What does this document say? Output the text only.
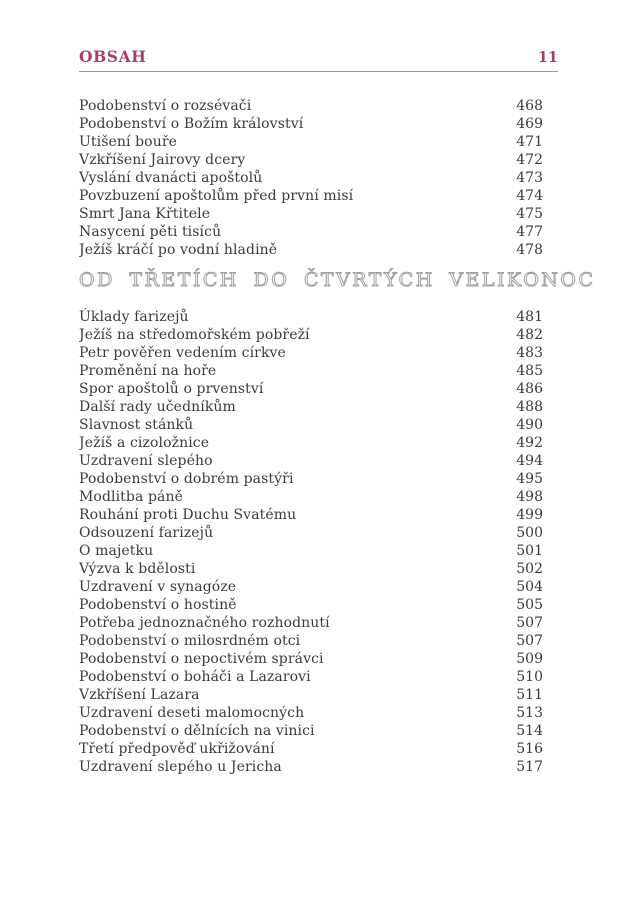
OBSAH	11
Podobenství o rozsévači	468
Podobenství o Božím království	469
Utišení bouře	471
Vzkříšení Jairovy dcery	472
Vyslání dvanácti apoštolů	473
Povzbuzení apoštolům před první misí	474
Smrt Jana Křtitele	475
Nasycení pěti tisíců	477
Ježíš kráčí po vodní hladině	478
OD TŘETÍCH DO ČTVRTÝCH VELIKONOC
Úklady farizejů	481
Ježíš na středomořském pobřeží	482
Petr pověřen vedením církve	483
Proměnění na hoře	485
Spor apoštolů o prvenství	486
Další rady učedníkům	488
Slavnost stánků	490
Ježíš a cizoložnice	492
Uzdravení slepého	494
Podobenství o dobrém pastýři	495
Modlitba páně	498
Rouhání proti Duchu Svatému	499
Odsouzení farizejů	500
O majetku	501
Výzva k bdělosti	502
Uzdravení v synagóze	504
Podobenství o hostině	505
Potřeba jednoznačného rozhodnutí	507
Podobenství o milosrdném otci	507
Podobenství o nepoctivém správci	509
Podobenství o boháči a Lazarovi	510
Vzkříšení Lazara	511
Uzdravení deseti malomocných	513
Podobenství o dělnících na vinici	514
Třetí předpověď ukřižování	516
Uzdravení slepého u Jericha	517
